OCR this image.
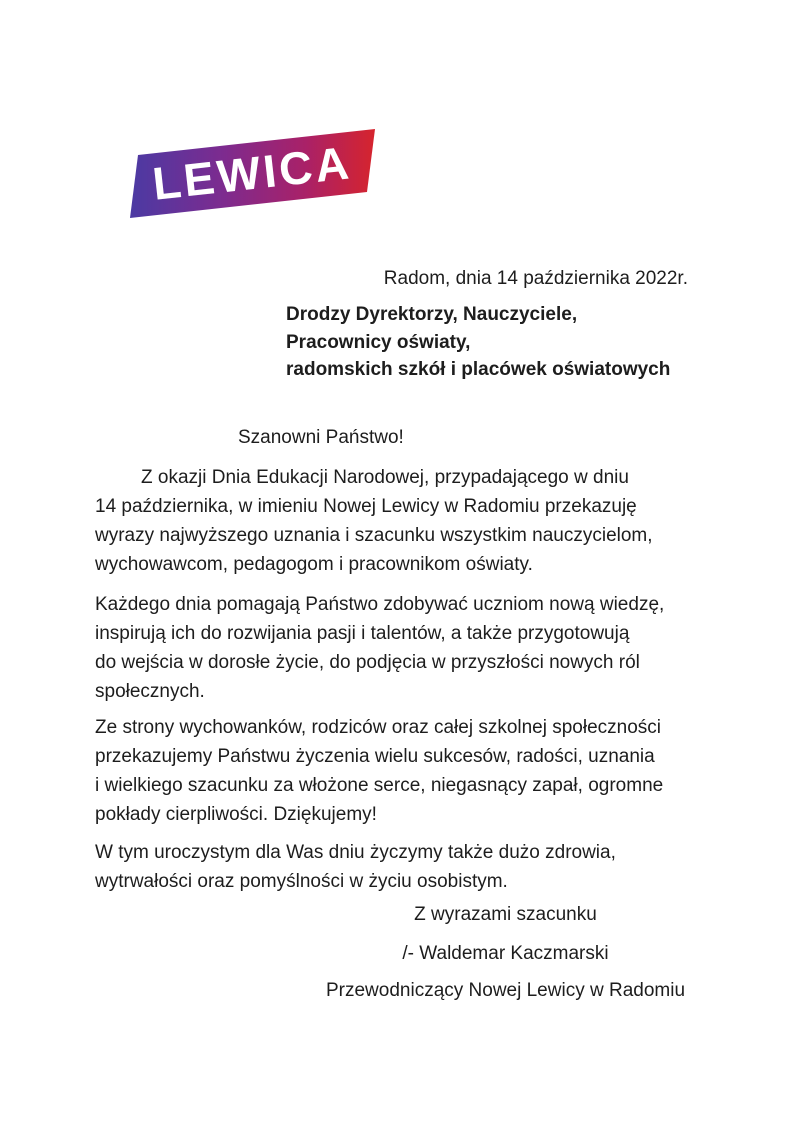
LEWICA
Radom, dnia 14 października 2022r.
Drodzy Dyrektorzy, Nauczyciele,
Pracownicy oświaty,
radomskich szkół i placówek oświatowych
Szanowni Państwo!
Z okazji Dnia Edukacji Narodowej, przypadającego w dniu
14 października, w imieniu Nowej Lewicy w Radomiu przekazuję
wyrazy najwyższego uznania i szacunku wszystkim nauczycielom,
wychowawcom, pedagogom i pracownikom oświaty.
Każdego dnia pomagają Państwo zdobywać uczniom nową wiedzę,
inspirują ich do rozwijania pasji i talentów, a także przygotowują
do wejścia w dorosłe życie, do podjęcia w przyszłości nowych ról
społecznych.
Ze strony wychowanków, rodziców oraz całej szkolnej społeczności
przekazujemy Państwu życzenia wielu sukcesów, radości, uznania
i wielkiego szacunku za włożone serce, niegasnący zapał, ogromne
pokłady cierpliwości. Dziękujemy!
W tym uroczystym dla Was dniu życzymy także dużo zdrowia,
wytrwałości oraz pomyślności w życiu osobistym.
Z wyrazami szacunku
/- Waldemar Kaczmarski
Przewodniczący Nowej Lewicy w Radomiu
